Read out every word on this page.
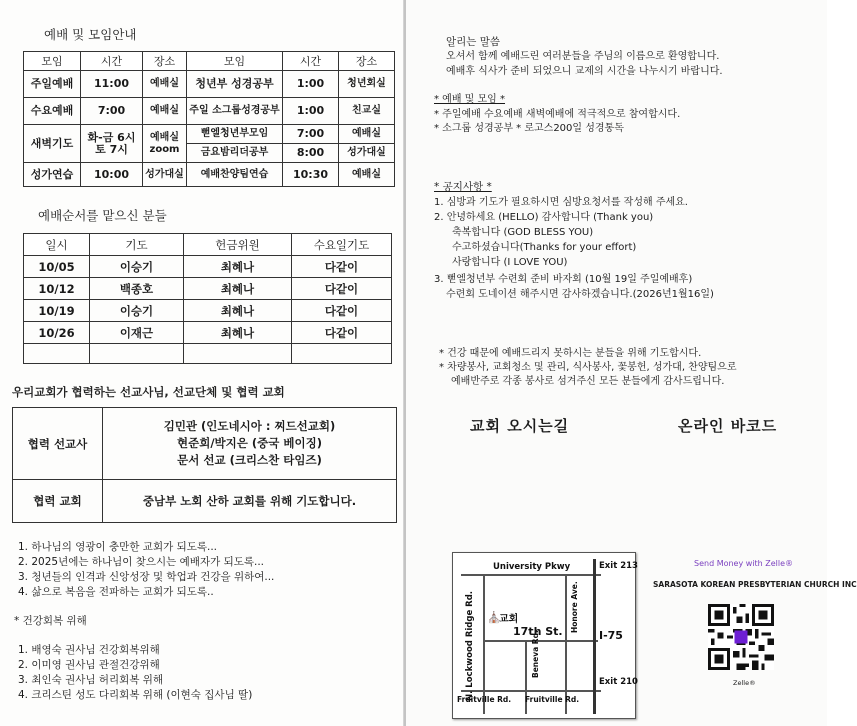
예배 및 모임안내
모임	시간	장소	모임	시간	장소
주일예배	11:00	예배실	청년부 성경공부	1:00	청년회실
수요예배	7:00	예배실	주일 소그룹성경공부	1:00	친교실
새벽기도	화-금 6시 토 7시	예배실 zoom	뻗엘청년부모임	7:00	예배실
			금요밤리더공부	8:00	성가대실
성가연습	10:00	성가대실	예배찬양팀연습	10:30	예배실
예배순서를 맡으신 분들
일시	기도	헌금위원	수요일기도
10/05	이승기	최혜나	다같이
10/12	백종호	최혜나	다같이
10/19	이승기	최혜나	다같이
10/26	이재근	최혜나	다같이

우리교회가 협력하는 선교사님, 선교단체 및 협력 교회
협력 선교사	김민관 (인도네시아 : 찌드선교회)
현준희/박지은 (중국 베이징)
문서 선교 (크리스찬 타임즈)

협력 교회	중남부 노회 산하 교회를 위해 기도합니다.
1. 하나님의 영광이 충만한 교회가 되도록...
2. 2025년에는 하나님이 찾으시는 예배자가 되도록...
3. 청년들의 인격과 신앙성장 및 학업과 건강을 위하여...
4. 삶으로 복음을 전파하는 교회가 되도록..
* 건강회복 위해
1. 배영숙 권사님 건강회복위해
2. 이미영 권사님 관절건강위해
3. 최인숙 권사님 허리회복 위해
4. 크리스틴 성도 다리회복 위해 (이현숙 집사님 딸)
알리는 말씀
오셔서 함께 예배드린 여러분들을 주님의 이름으로 환영합니다.
예배후 식사가 준비 되었으니 교제의 시간을 나누시기 바랍니다.
* 예배 및 모임 *
* 주일예배 수요예배 새벽예배에 적극적으로 참여합시다.
* 소그룹 성경공부 * 로고스200일 성경통독
* 공지사항 *
1. 심방과 기도가 필요하시면 심방요청서를 작성해 주세요.
2. 안녕하세요 (HELLO) 감사합니다 (Thank you)
축복합니다 (GOD BLESS YOU)
수고하셨습니다(Thanks for your effort)
사랑합니다 (I LOVE YOU)
3. 뻗엘청년부 수련회 준비 바자회 (10월 19일 주일예배후)
수련회 도네이션 해주시면 감사하겠습니다.(2026년1월16일)
* 건강 때문에 예배드리지 못하시는 분들을 위해 기도합시다.
* 차량봉사, 교회청소 및 관리, 식사봉사, 꽃봉헌, 성가대, 찬양팀으로
예배반주로 각종 봉사로 섬겨주신 모든 분들에게 감사드립니다.
교회 오시는길	온라인 바코드
University Pkwy	Exit 213
N. Lockwood Ridge Rd. 교회
⛪
17th St.
Beneva Rd.
Honore Ave.
I-75
Exit 210
Fruitville Rd. Fruitville Rd.
Send Money with Zelle®
SARASOTA KOREAN PRESBYTERIAN CHURCH INC
Zelle®
